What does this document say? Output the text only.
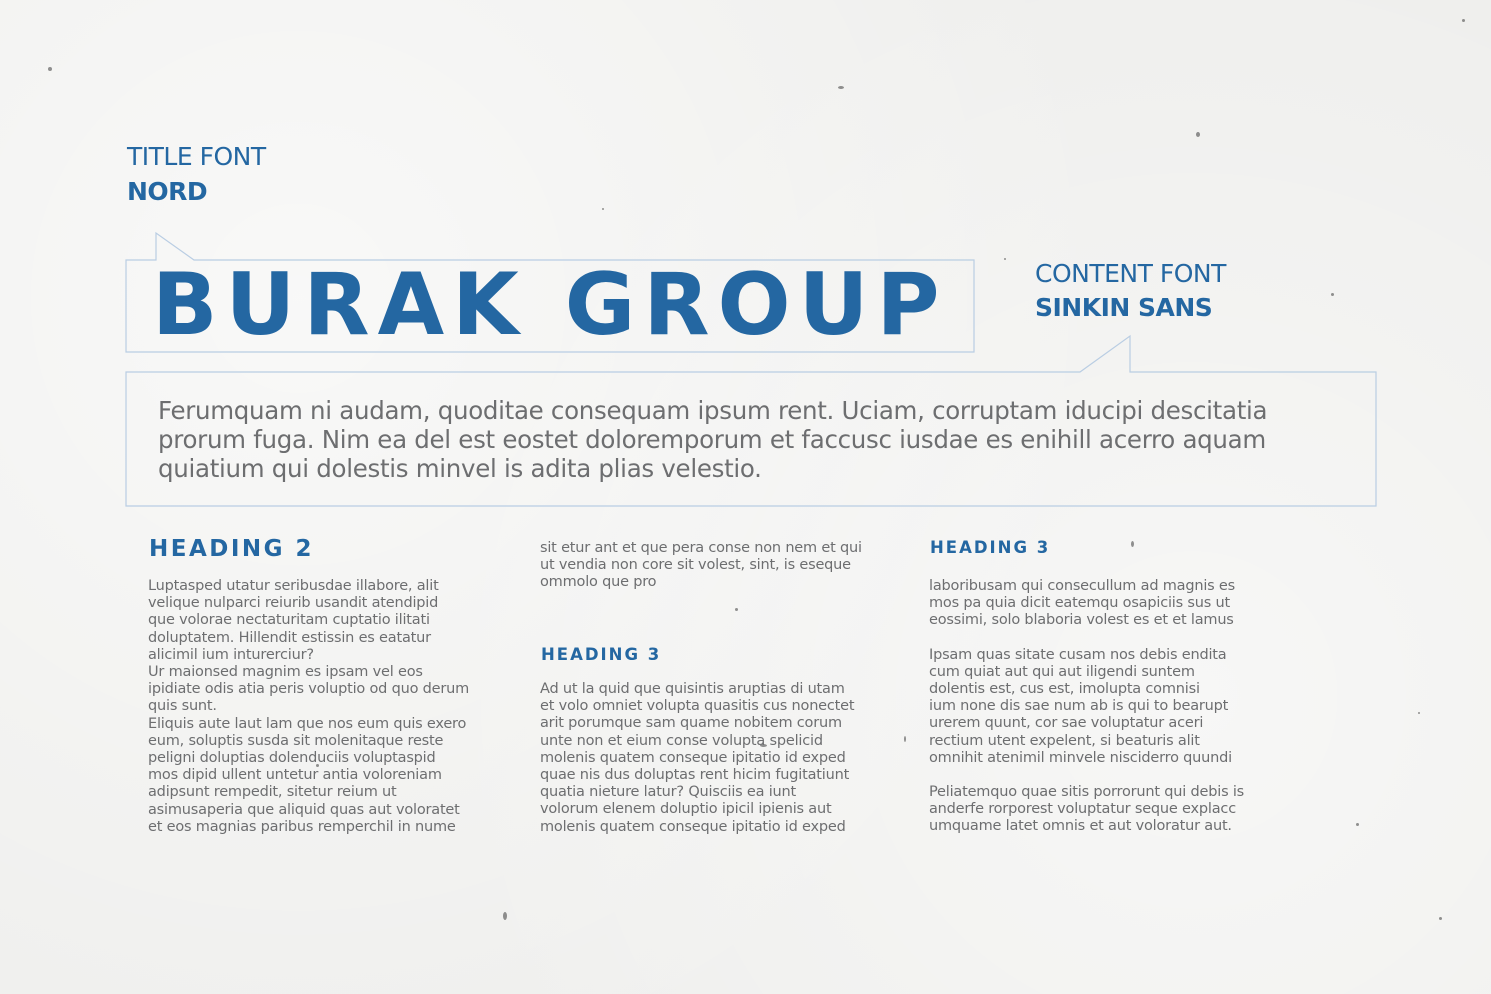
TITLE FONT
NORD
CONTENT FONT
SINKIN SANS
BURAK GROUP
Ferumquam ni audam, quoditae consequam ipsum rent. Uciam, corruptam iducipi descitatia prorum fuga. Nim ea del est eostet doloremporum et faccusc iusdae es enihill acerro aquam quiatium qui dolestis minvel is adita plias velestio.
HEADING 2

Luptasped utatur seribusdae illabore, alit
velique nulparci reiurib usandit atendipid
que volorae nectaturitam cuptatio ilitati
doluptatem. Hillendit estissin es eatatur
alicimil ium inturercіur?

Ur maionsed magnim es ipsam vel eos
ipidiate odis atia peris voluptio od quo derum
quis sunt.

Eliquis aute laut lam que nos eum quis exero
eum, soluptis susda sit molenitaque reste
peligni doluptias dolenduciis voluptaspid
mos dipid ullent untetur antia voloreniam
adipsunt rempedit, sitetur reium ut
asimusaperia que aliquid quas aut voloratet
et eos magnias paribus remperchil in nume

sit etur ant et que pera conse non nem et qui
ut vendia non core sit volest, sint, is eseque
ommolo que pro

HEADING 3

Ad ut la quid que quisintis aruptias di utam
et volo omniet volupta quasitis cus nonectet
arit porumque sam quame nobitem corum
unte non et eium conse volupta spelicid
molenis quatem conseque ipitatio id exped
quae nis dus doluptas rent hicim fugitatiunt
quatia nieture latur? Quisciis ea iunt
volorum elenem doluptio ipicil ipienis aut
molenis quatem conseque ipitatio id exped

HEADING 3

laboribusam qui consecullum ad magnis es
mos pa quia dicit eatemqu osapiciis sus ut
eossimi, solo blaboria volest es et et lamus

Ipsam quas sitate cusam nos debis endita
cum quiat aut qui aut iligendi suntem
dolentis est, cus est, imolupta comnisi
ium none dis sae num ab is qui to bearupt
urerem quunt, cor sae voluptatur aceri
rectium utent expelent, si beaturis alit
omnihit atenimil minvele nisciderro quundi

Peliatemquo quae sitis porrorunt qui debis is
anderfe rorporest voluptatur seque explacc
umquame latet omnis et aut voloratur aut.
